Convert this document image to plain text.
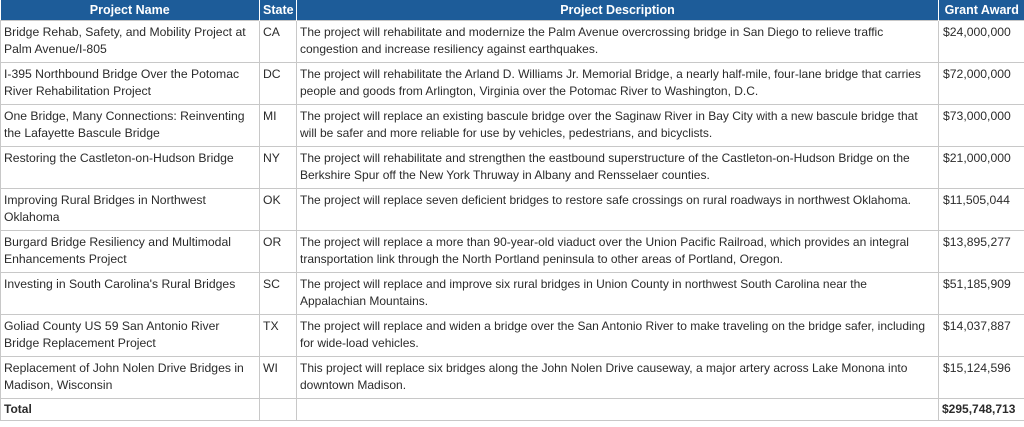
Project Name	State	Project Description	Grant Award
Bridge Rehab, Safety, and Mobility Project at Palm Avenue/I-805	CA	The project will rehabilitate and modernize the Palm Avenue overcrossing bridge in San Diego to relieve traffic congestion and increase resiliency against earthquakes.	$24,000,000
I-395 Northbound Bridge Over the Potomac River Rehabilitation Project	DC	The project will rehabilitate the Arland D. Williams Jr. Memorial Bridge, a nearly half-mile, four-lane bridge that carries people and goods from Arlington, Virginia over the Potomac River to Washington, D.C.	$72,000,000
One Bridge, Many Connections: Reinventing the Lafayette Bascule Bridge	MI	The project will replace an existing bascule bridge over the Saginaw River in Bay City with a new bascule bridge that will be safer and more reliable for use by vehicles, pedestrians, and bicyclists.	$73,000,000
Restoring the Castleton-on-Hudson Bridge	NY	The project will rehabilitate and strengthen the eastbound superstructure of the Castleton-on-Hudson Bridge on the Berkshire Spur off the New York Thruway in Albany and Rensselaer counties.	$21,000,000
Improving Rural Bridges in Northwest Oklahoma	OK	The project will replace seven deficient bridges to restore safe crossings on rural roadways in northwest Oklahoma.	$11,505,044
Burgard Bridge Resiliency and Multimodal Enhancements Project	OR	The project will replace a more than 90-year-old viaduct over the Union Pacific Railroad, which provides an integral transportation link through the North Portland peninsula to other areas of Portland, Oregon.	$13,895,277
Investing in South Carolina's Rural Bridges	SC	The project will replace and improve six rural bridges in Union County in northwest South Carolina near the Appalachian Mountains.	$51,185,909
Goliad County US 59 San Antonio River Bridge Replacement Project	TX	The project will replace and widen a bridge over the San Antonio River to make traveling on the bridge safer, including for wide-load vehicles.	$14,037,887
Replacement of John Nolen Drive Bridges in Madison, Wisconsin	WI	This project will replace six bridges along the John Nolen Drive causeway, a major artery across Lake Monona into downtown Madison.	$15,124,596
Total			$295,748,713
